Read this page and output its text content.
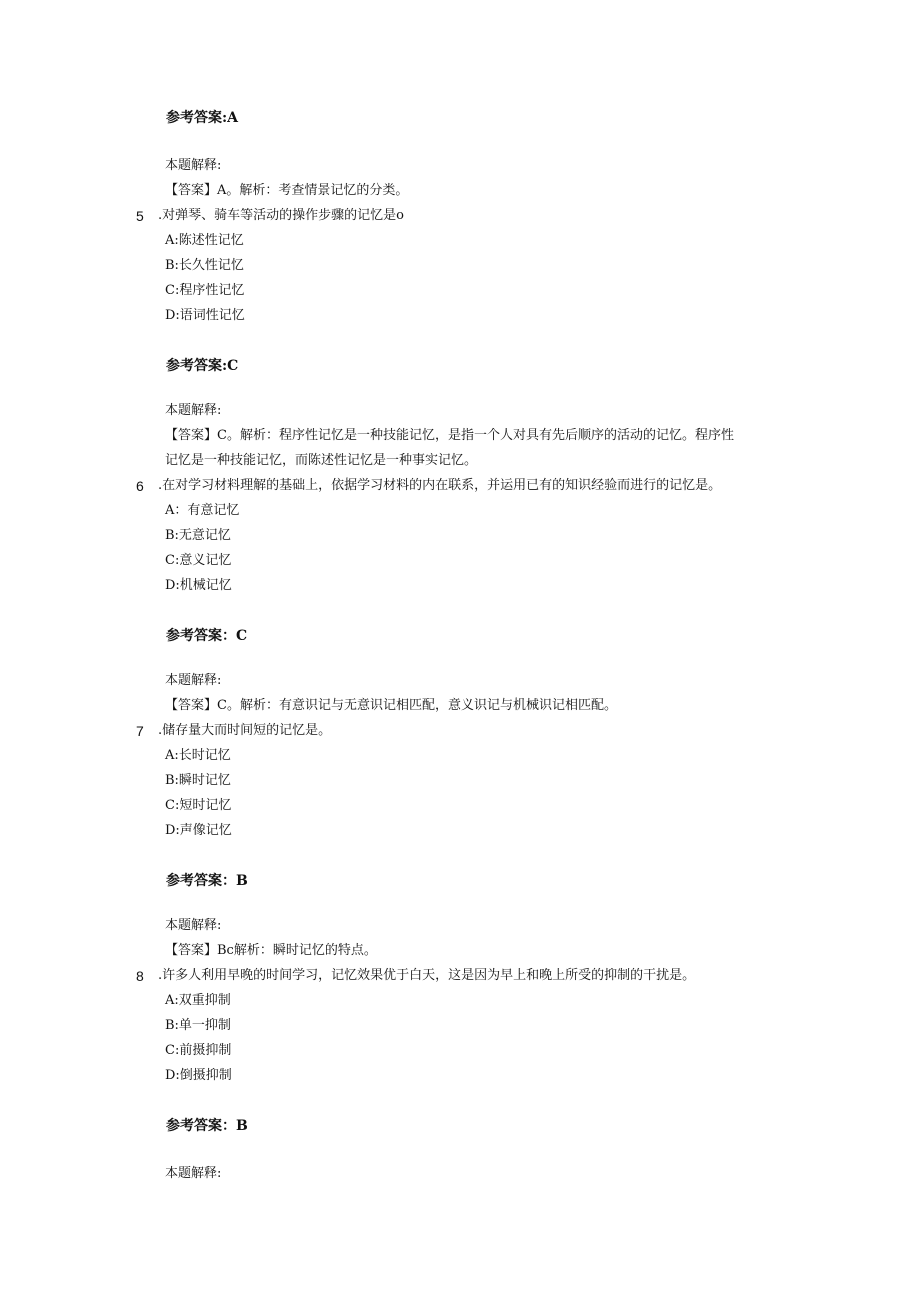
参考答案:A

本题解释:

【答案】A。解析：考查情景记忆的分类。

5 .对弹琴、骑车等活动的操作步骤的记忆是o

A:陈述性记忆

B:长久性记忆

C:程序性记忆

D:语词性记忆

参考答案:C

本题解释:

【答案】C。解析：程序性记忆是一种技能记忆，是指一个人对具有先后顺序的活动的记忆。程序性

记忆是一种技能记忆，而陈述性记忆是一种事实记忆。

6 .在对学习材料理解的基础上，依据学习材料的内在联系，并运用已有的知识经验而进行的记忆是。

A：有意记忆

B:无意记忆

C:意义记忆

D:机械记忆

参考答案：C

本题解释:

【答案】C。解析：有意识记与无意识记相匹配，意义识记与机械识记相匹配。

7 .储存量大而时间短的记忆是。

A:长时记忆

B:瞬时记忆

C:短时记忆

D:声像记忆

参考答案：B

本题解释:

【答案】Bc解析：瞬时记忆的特点。

8 .许多人利用早晚的时间学习，记忆效果优于白天，这是因为早上和晚上所受的抑制的干扰是。

A:双重抑制

B:单一抑制

C:前摄抑制

D:倒摄抑制

参考答案：B

本题解释:
